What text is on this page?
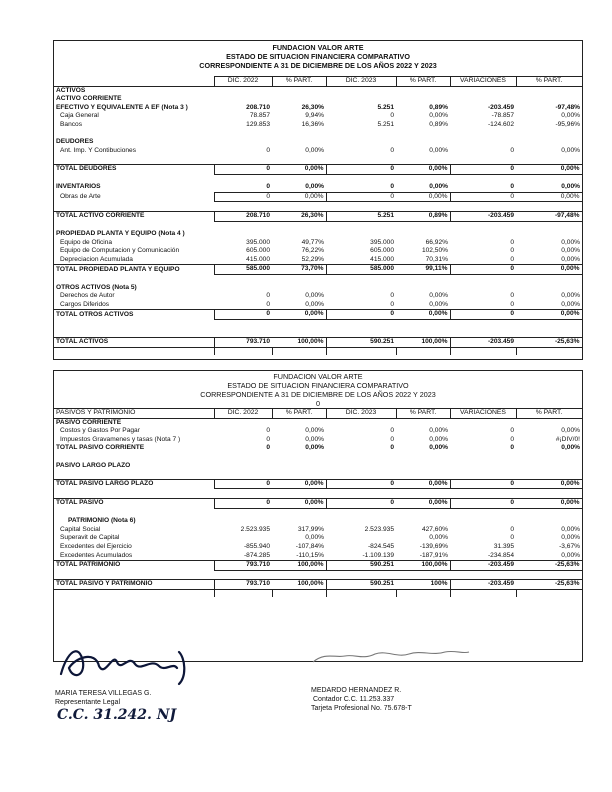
FUNDACION VALOR ARTE
ESTADO DE SITUACION FINANCIERA COMPARATIVO
CORRESPONDIENTE A 31 DE DICIEMBRE DE LOS AÑOS 2022 Y 2023
	DIC. 2022	% PART.	DIC. 2023	% PART.	VARIACIONES	% PART.
ACTIVOS						
ACTIVO CORRIENTE						
EFECTIVO Y EQUIVALENTE A EF (Nota 3 )	208.710	26,30%	5.251	0,89%	-203.459	-97,48%
Caja General	78.857	9,94%	0	0,00%	-78.857	0,00%
Bancos	129.853	16,36%	5.251	0,89%	-124.602	-95,96%

DEUDORES						
Ant. Imp. Y Contibuciones	0	0,00%	0	0,00%	0	0,00%

TOTAL DEUDORES	0	0,00%	0	0,00%	0	0,00%

INVENTARIOS	0	0,00%	0	0,00%	0	0,00%
Obras de Arte	0	0,00%	0	0,00%	0	0,00%

TOTAL ACTIVO CORRIENTE	208.710	26,30%	5.251	0,89%	-203.459	-97,48%

PROPIEDAD PLANTA Y EQUIPO (Nota 4 )						
Equipo de Oficina	395.000	49,77%	395.000	66,92%	0	0,00%
Equipo de Computacion y Comunicación	605.000	76,22%	605.000	102,50%	0	0,00%
Depreciacion Acumulada	415.000	52,29%	415.000	70,31%	0	0,00%
TOTAL PROPIEDAD PLANTA Y EQUIPO	585.000	73,70%	585.000	99,11%	0	0,00%

OTROS ACTIVOS (Nota 5)						
Derechos de Autor	0	0,00%	0	0,00%	0	0,00%
Cargos Diferidos	0	0,00%	0	0,00%	0	0,00%
TOTAL OTROS ACTIVOS	0	0,00%	0	0,00%	0	0,00%

TOTAL ACTIVOS	793.710	100,00%	590.251	100,00%	-203.459	-25,63%

FUNDACION VALOR ARTE
ESTADO DE SITUACION FINANCIERA COMPARATIVO
CORRESPONDIENTE A 31 DE DICIEMBRE DE LOS AÑOS 2022 Y 2023
0
PASIVOS Y PATRIMONIO	DIC. 2022	% PART.	DIC. 2023	% PART.	VARIACIONES	% PART.
PASIVO CORRIENTE						
Costos y Gastos Por Pagar	0	0,00%	0	0,00%	0	0,00%
Impuestos Gravamenes y tasas (Nota 7 )	0	0,00%	0	0,00%	0	#¡DIV/0!
TOTAL PASIVO CORRIENTE	0	0,00%	0	0,00%	0	0,00%

PASIVO LARGO PLAZO						

TOTAL PASIVO LARGO PLAZO	0	0,00%	0	0,00%	0	0,00%

TOTAL PASIVO	0	0,00%	0	0,00%	0	0,00%

PATRIMONIO (Nota 6)						
Capital Social	2.523.935	317,99%	2.523.935	427,60%	0	0,00%
Superavit de Capital		0,00%		0,00%	0	0,00%
Excedentes del Ejercicio	-855.940	-107,84%	-824.545	-139,69%	31.395	-3,67%
Excedentes Acumulados	-874.285	-110,15%	-1.109.139	-187,91%	-234.854	0,00%
TOTAL PATRIMONIO	793.710	100,00%	590.251	100,00%	-203.459	-25,63%

TOTAL PASIVO Y PATRIMONIO	793.710	100,00%	590.251	100%	-203.459	-25,63%

MARIA TERESA VILLEGAS G.
Representante Legal
C.C. 31.242. NJ
MEDARDO HERNANDEZ R.
Contador C.C. 11.253.337
Tarjeta Profesional No. 75.678-T
